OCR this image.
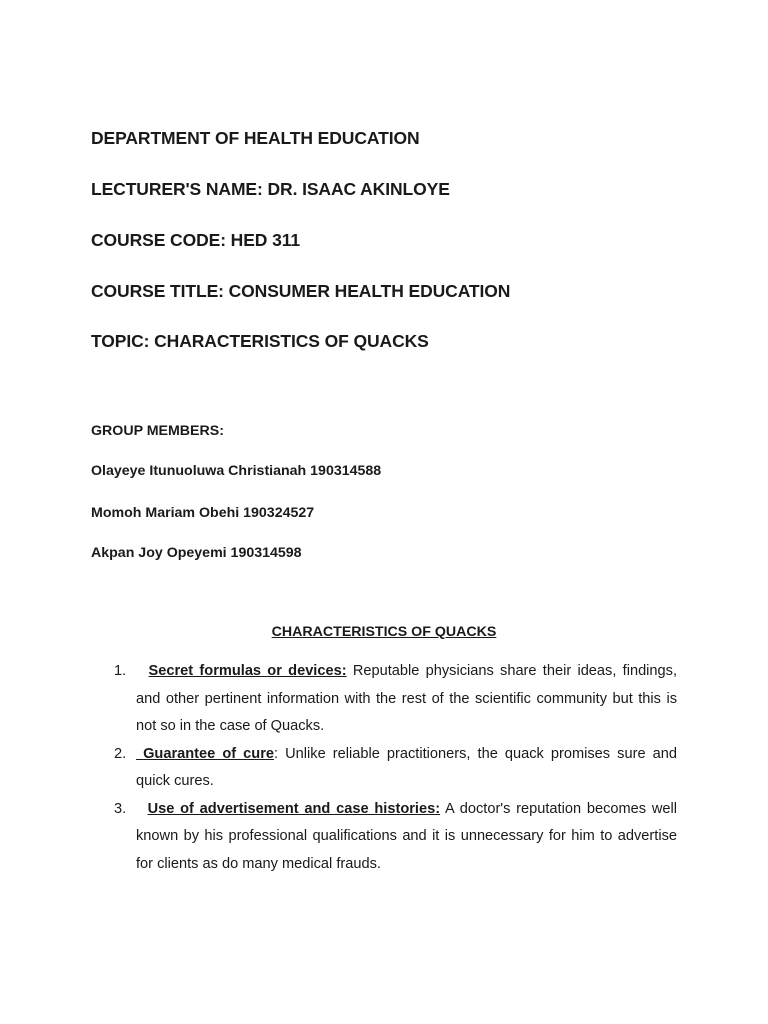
DEPARTMENT OF HEALTH EDUCATION

LECTURER'S NAME: DR. ISAAC AKINLOYE

COURSE CODE: HED 311

COURSE TITLE: CONSUMER HEALTH EDUCATION

TOPIC: CHARACTERISTICS OF QUACKS

GROUP MEMBERS:

Olayeye Itunuoluwa Christianah 190314588

Momoh Mariam Obehi 190324527

Akpan Joy Opeyemi 190314598

CHARACTERISTICS OF QUACKS

1.	Secret formulas or devices: Reputable physicians share their ideas, findings, and other pertinent information with the rest of the scientific community but this is not so in the case of Quacks.
2.	Guarantee of cure: Unlike reliable practitioners, the quack promises sure and quick cures.
3.	Use of advertisement and case histories: A doctor's reputation becomes well known by his professional qualifications and it is unnecessary for him to advertise for clients as do many medical frauds.
